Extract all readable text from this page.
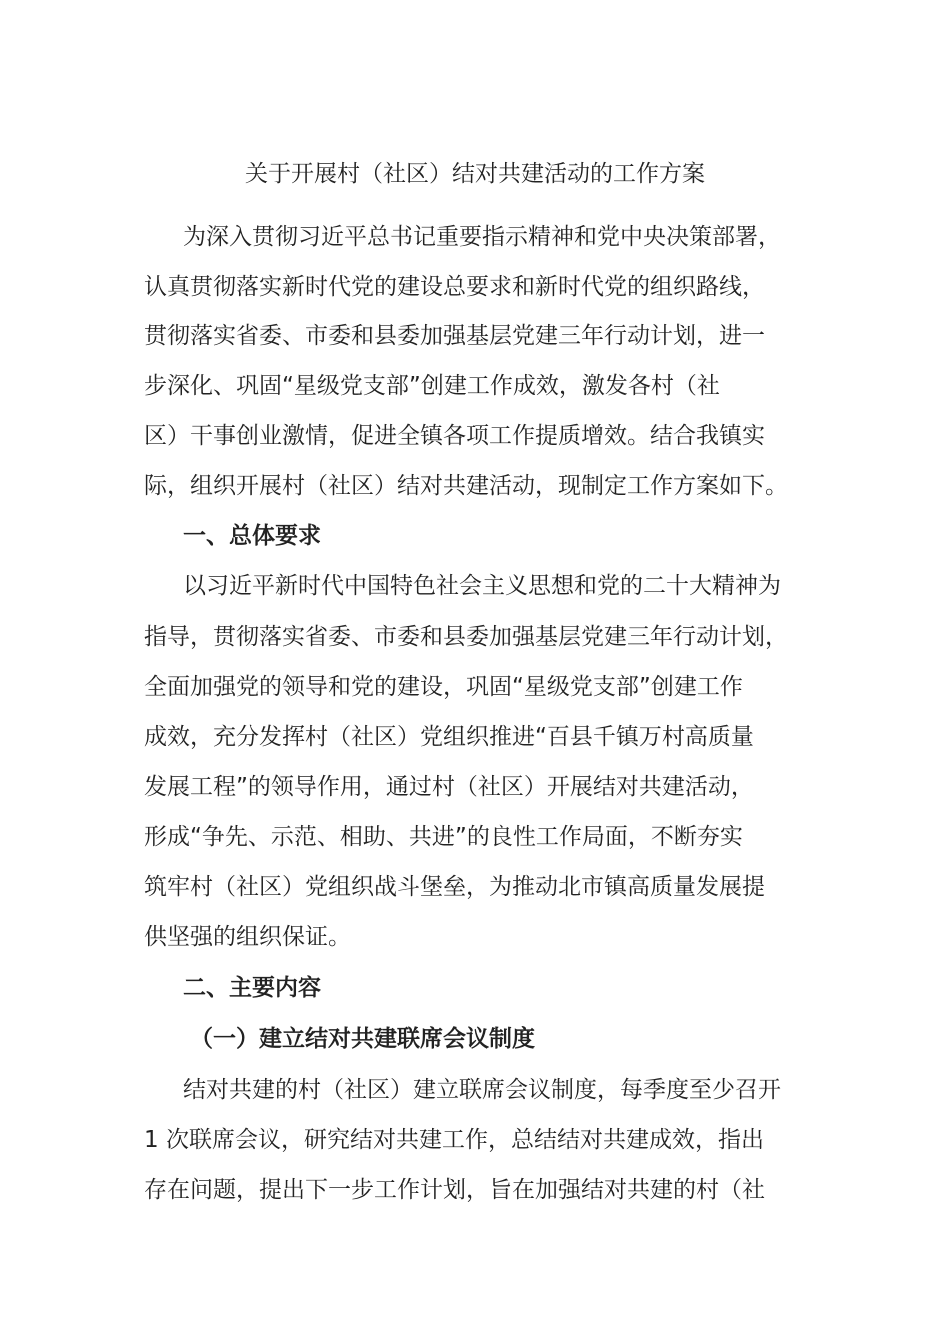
关于开展村（社区）结对共建活动的工作方案
为深入贯彻习近平总书记重要指示精神和党中央决策部署，
认真贯彻落实新时代党的建设总要求和新时代党的组织路线，
贯彻落实省委、市委和县委加强基层党建三年行动计划，进一
步深化、巩固“星级党支部”创建工作成效，激发各村（社
区）干事创业激情，促进全镇各项工作提质增效。结合我镇实
际，组织开展村（社区）结对共建活动，现制定工作方案如下。
一、总体要求
以习近平新时代中国特色社会主义思想和党的二十大精神为
指导，贯彻落实省委、市委和县委加强基层党建三年行动计划，
全面加强党的领导和党的建设，巩固“星级党支部”创建工作
成效，充分发挥村（社区）党组织推进“百县千镇万村高质量
发展工程”的领导作用，通过村（社区）开展结对共建活动，
形成“争先、示范、相助、共进”的良性工作局面，不断夯实
筑牢村（社区）党组织战斗堡垒，为推动北市镇高质量发展提
供坚强的组织保证。
二、主要内容
（一）建立结对共建联席会议制度
结对共建的村（社区）建立联席会议制度，每季度至少召开
1 次联席会议，研究结对共建工作，总结结对共建成效，指出
存在问题，提出下一步工作计划，旨在加强结对共建的村（社
